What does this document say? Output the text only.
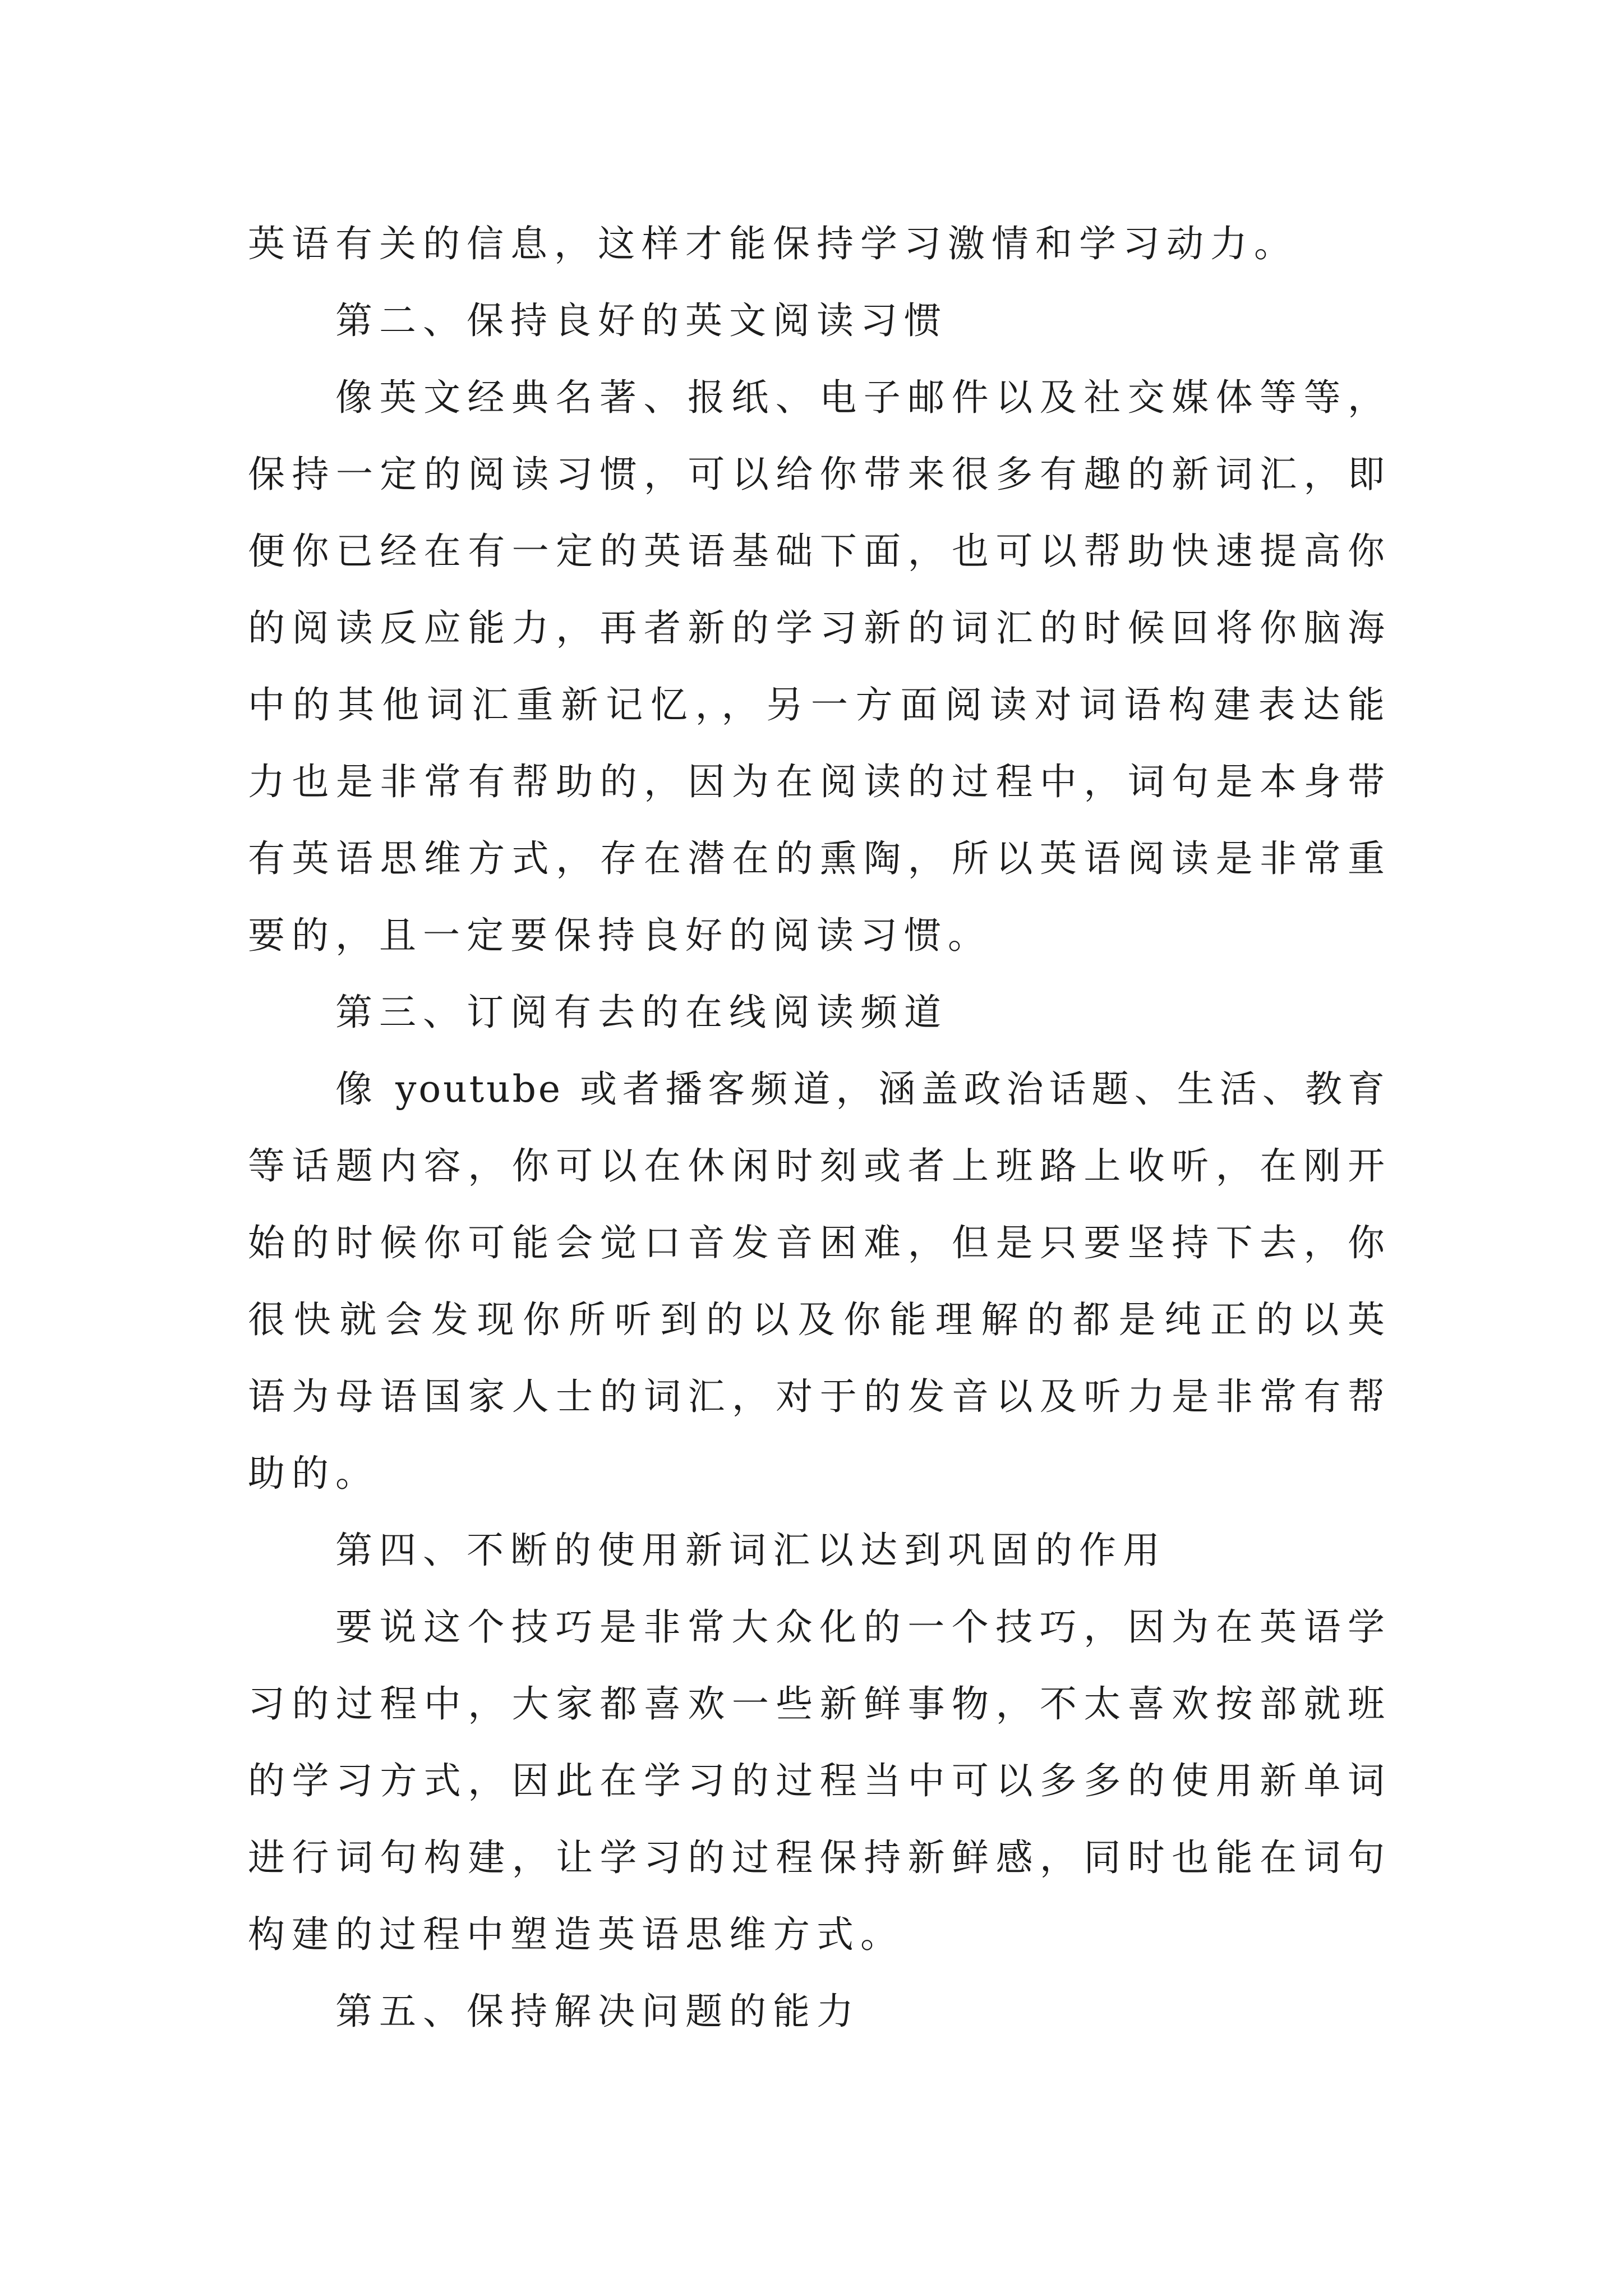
英语有关的信息，这样才能保持学习激情和学习动力。
第二、保持良好的英文阅读习惯
像英文经典名著、报纸、电子邮件以及社交媒体等等，
保持一定的阅读习惯，可以给你带来很多有趣的新词汇，即
便你已经在有一定的英语基础下面，也可以帮助快速提高你
的阅读反应能力，再者新的学习新的词汇的时候回将你脑海
中的其他词汇重新记忆，，另一方面阅读对词语构建表达能
力也是非常有帮助的，因为在阅读的过程中，词句是本身带
有英语思维方式，存在潜在的熏陶，所以英语阅读是非常重
要的，且一定要保持良好的阅读习惯。
第三、订阅有去的在线阅读频道
像 youtube 或者播客频道，涵盖政治话题、生活、教育
等话题内容，你可以在休闲时刻或者上班路上收听，在刚开
始的时候你可能会觉口音发音困难，但是只要坚持下去，你
很快就会发现你所听到的以及你能理解的都是纯正的以英
语为母语国家人士的词汇，对于的发音以及听力是非常有帮
助的。
第四、不断的使用新词汇以达到巩固的作用
要说这个技巧是非常大众化的一个技巧，因为在英语学
习的过程中，大家都喜欢一些新鲜事物，不太喜欢按部就班
的学习方式，因此在学习的过程当中可以多多的使用新单词
进行词句构建，让学习的过程保持新鲜感，同时也能在词句
构建的过程中塑造英语思维方式。
第五、保持解决问题的能力
